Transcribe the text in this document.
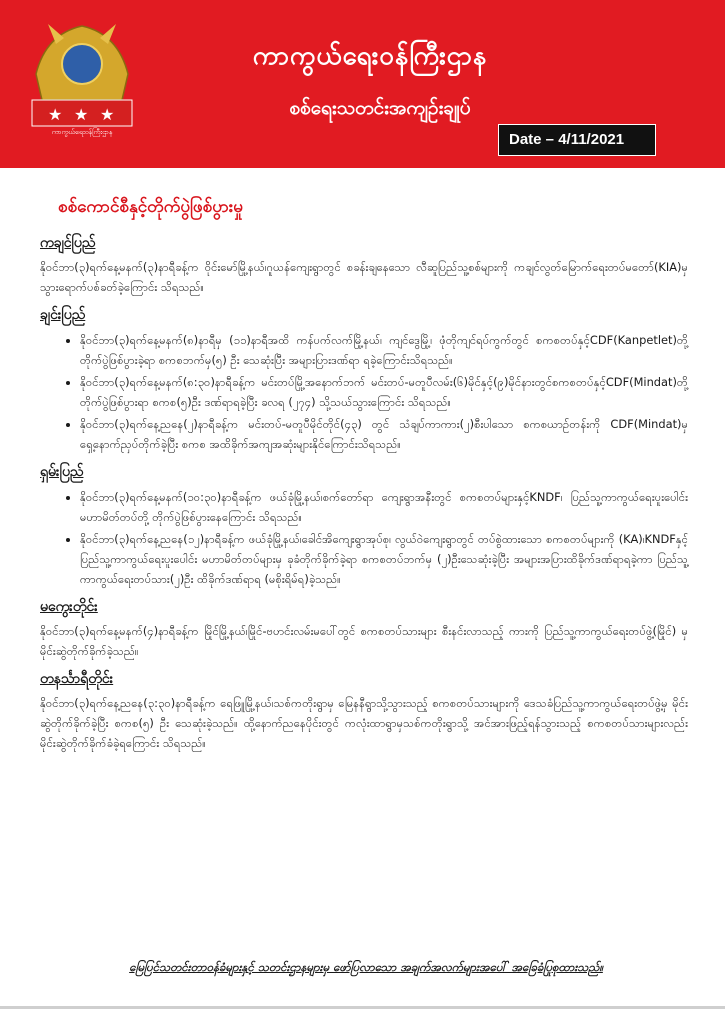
★ ★ ★
ကာကွယ်ရေးဝန်ကြီးဌာန
ကာကွယ်ရေးဝန်ကြီးဌာန
စစ်ရေးသတင်းအကျဉ်းချုပ်
Date – 4/11/2021
စစ်ကောင်စီနှင့်တိုက်ပွဲဖြစ်ပွားမှု
ကချင်ပြည်

နိုဝင်ဘာ(၃)ရက်နေ့မနက်(၃)နာရီခန့်က ဝိုင်းမော်မြို့နယ်၊ဂူယန်ကျေးရွာတွင် စခန်းချနေသော လီဆူပြည်သူ့စစ်များကို ကချင်လွတ်မြောက်ရေးတပ်မတော်(KIA)မှ သွားရောက်ပစ်ခတ်ခဲ့ကြောင်း သိရသည်။

ချင်းပြည်
• နိုဝင်ဘာ(၃)ရက်နေ့မနက်(၈)နာရီမှ (၁၁)နာရီအထိ ကန်ပက်လက်မြို့နယ်၊ ကျင်ဒွေမြို့၊ ဖုံတိုကျင်ရပ်ကွက်တွင် စကစတပ်နှင့်CDF(Kanpetlet)တို့ တိုက်ပွဲဖြစ်ပွားခဲ့ရာ စကစဘက်မှ(၅) ဦး သေဆုံးပြီး အများပြားဒဏ်ရာ ရခဲ့ကြောင်းသိရသည်။
• နိုဝင်ဘာ(၃)ရက်နေ့မနက်(၈:၃၀)နာရီခန့်က မင်းတပ်မြို့အနောက်ဘက် မင်းတပ်-မတူပီလမ်း(၆)မိုင်နှင့်(၉)မိုင်နားတွင်စကစတပ်နှင့်CDF(Mindat)တို့တိုက်ပွဲဖြစ်ပွားရာ စကစ(၅)ဦး ဒဏ်ရာရခဲ့ပြီး ခလရ (၂၇၄) သို့သယ်သွားကြောင်း သိရသည်။
• နိုဝင်ဘာ(၃)ရက်နေ့ညနေ(၂)နာရီခန့်က မင်းတပ်-မတူပီမိုင်တိုင်(၄၃) တွင် သံချပ်ကာကား(၂)စီးပါသော စကစယာဉ်တန်းကို CDF(Mindat)မှ ရှေ့နောက်ညှပ်တိုက်ခဲ့ပြီး စကစ အထိခိုက်အကျအဆုံးများနိုင်ကြောင်းသိရသည်။
ရှမ်းပြည်
• နိုဝင်ဘာ(၃)ရက်နေ့မနက်(၁၀:၃၀)နာရီခန့်က ဖယ်ခုံမြို့နယ်၊စက်တော်ရာ ကျေးရွာအနီးတွင် စကစတပ်များနှင့်KNDF၊ ပြည်သူ့ကာကွယ်ရေးပူးပေါင်း မဟာမိတ်တပ်တို့ တိုက်ပွဲဖြစ်ပွားနေကြောင်း သိရသည်။
• နိုဝင်ဘာ(၃)ရက်နေ့ညနေ(၁၂)နာရီခန့်က ဖယ်ခုံမြို့နယ်၊ခေါင်အိကျေးရွာအုပ်စု၊ လွယ်ဝဲကျေးရွာတွင် တပ်စွဲထားသော စကစတပ်များကို (KA)၊KNDFနှင့် ပြည်သူ့ကာကွယ်ရေးပူးပေါင်း မဟာမိတ်တပ်များမှ ခုခံတိုက်ခိုက်ခဲ့ရာ စကစတပ်ဘက်မှ (၂)ဦးသေဆုံးခဲ့ပြီး အများအပြားထိခိုက်ဒဏ်ရာရခဲ့ကာ ပြည်သူ့ကာကွယ်ရေးတပ်သား(၂)ဦး ထိခိုက်ဒဏ်ရာရ (မစိုးရိမ်ရ)ခဲ့သည်။
မကွေးတိုင်း

နိုဝင်ဘာ(၃)ရက်နေ့မနက်(၄)နာရီခန့်က မြိုင်မြို့နယ်၊မြိုင်-ဗဟင်းလမ်းမပေါ်တွင် စကစတပ်သားများ စီးနင်းလာသည့် ကားကို ပြည်သူ့ကာကွယ်ရေးတပ်ဖွဲ့(မြိုင်) မှ မိုင်းဆွဲတိုက်ခိုက်ခဲ့သည်။

တနင်္သာရီတိုင်း

နိုဝင်ဘာ(၃)ရက်နေ့ညနေ(၃:၃၀)နာရီခန့်က ရေဖြူမြို့နယ်၊သစ်ကတိုးရွာမှ မြေနနီရွာသို့သွားသည့် စကစတပ်သားများကို ဒေသခံပြည်သူ့ကာကွယ်ရေးတပ်ဖွဲ့မှ မိုင်းဆွဲတိုက်ခိုက်ခဲ့ပြီး စကစ(၅) ဦး သေဆုံးခဲ့သည်။ ထို့နောက်ညနေပိုင်းတွင် ကလုံးထာရွာမှသစ်ကတိုးရွာသို့ အင်အားဖြည့်ရန်သွားသည့် စကစတပ်သားများလည်း မိုင်းဆွဲတိုက်ခိုက်ခံခဲ့ရကြောင်း သိရသည်။

မြေပြင်သတင်းတာဝန်ခံများနှင့် သတင်းဌာနများမှ ဖော်ပြလာသော အချက်အလက်များအပေါ် အခြေခံပြုစုထားသည်။
